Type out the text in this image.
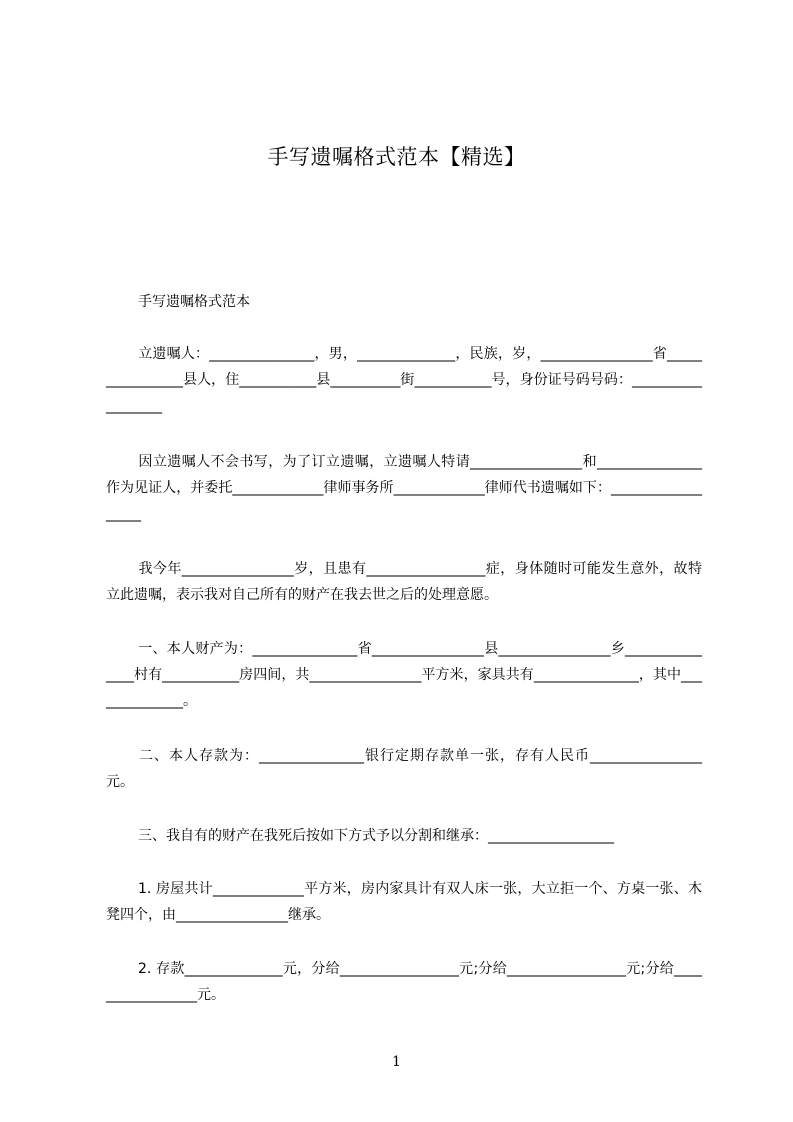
手写遗嘱格式范本【精选】
手写遗嘱格式范本
立遗嘱人：_______________，男，______________，民族，岁，________________省________________县人，住___________县__________街___________号，身份证号码号码：__________________
因立遗嘱人不会书写，为了订立遗嘱，立遗嘱人特请________________和_______________作为见证人，并委托_____________律师事务所_____________律师代书遗嘱如下：__________________
我今年________________岁，且患有_________________症，身体随时可能发生意外，故特立此遗嘱，表示我对自己所有的财产在我去世之后的处理意愿。
一、本人财产为：_______________省________________县________________乡_______________村有___________房四间，共________________平方米，家具共有_______________，其中______________。
二、本人存款为：_______________银行定期存款单一张，存有人民币________________元。
三、我自有的财产在我死后按如下方式予以分割和继承：__________________
1. 房屋共计_____________平方米，房内家具计有双人床一张，大立拒一个、方桌一张、木凳四个，由________________继承。
2. 存款______________元，分给_________________元;分给_________________元;分给_________________元。
1
